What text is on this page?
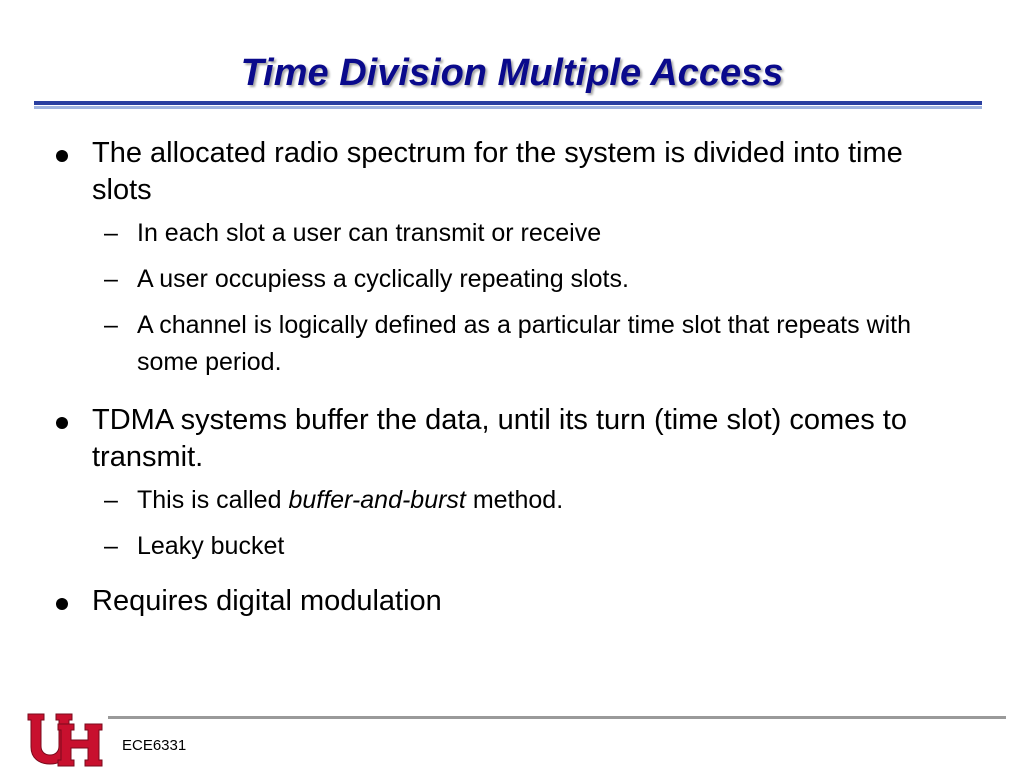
Time Division Multiple Access
The allocated radio spectrum for the system is divided into time slots
– In each slot a user can transmit or receive
– A user occupiess a cyclically repeating slots.
– A channel is logically defined as a particular time slot that repeats with some period.
TDMA systems buffer the data, until its turn (time slot) comes to transmit.
– This is called buffer-and-burst method.
– Leaky bucket
Requires digital modulation
ECE6331
